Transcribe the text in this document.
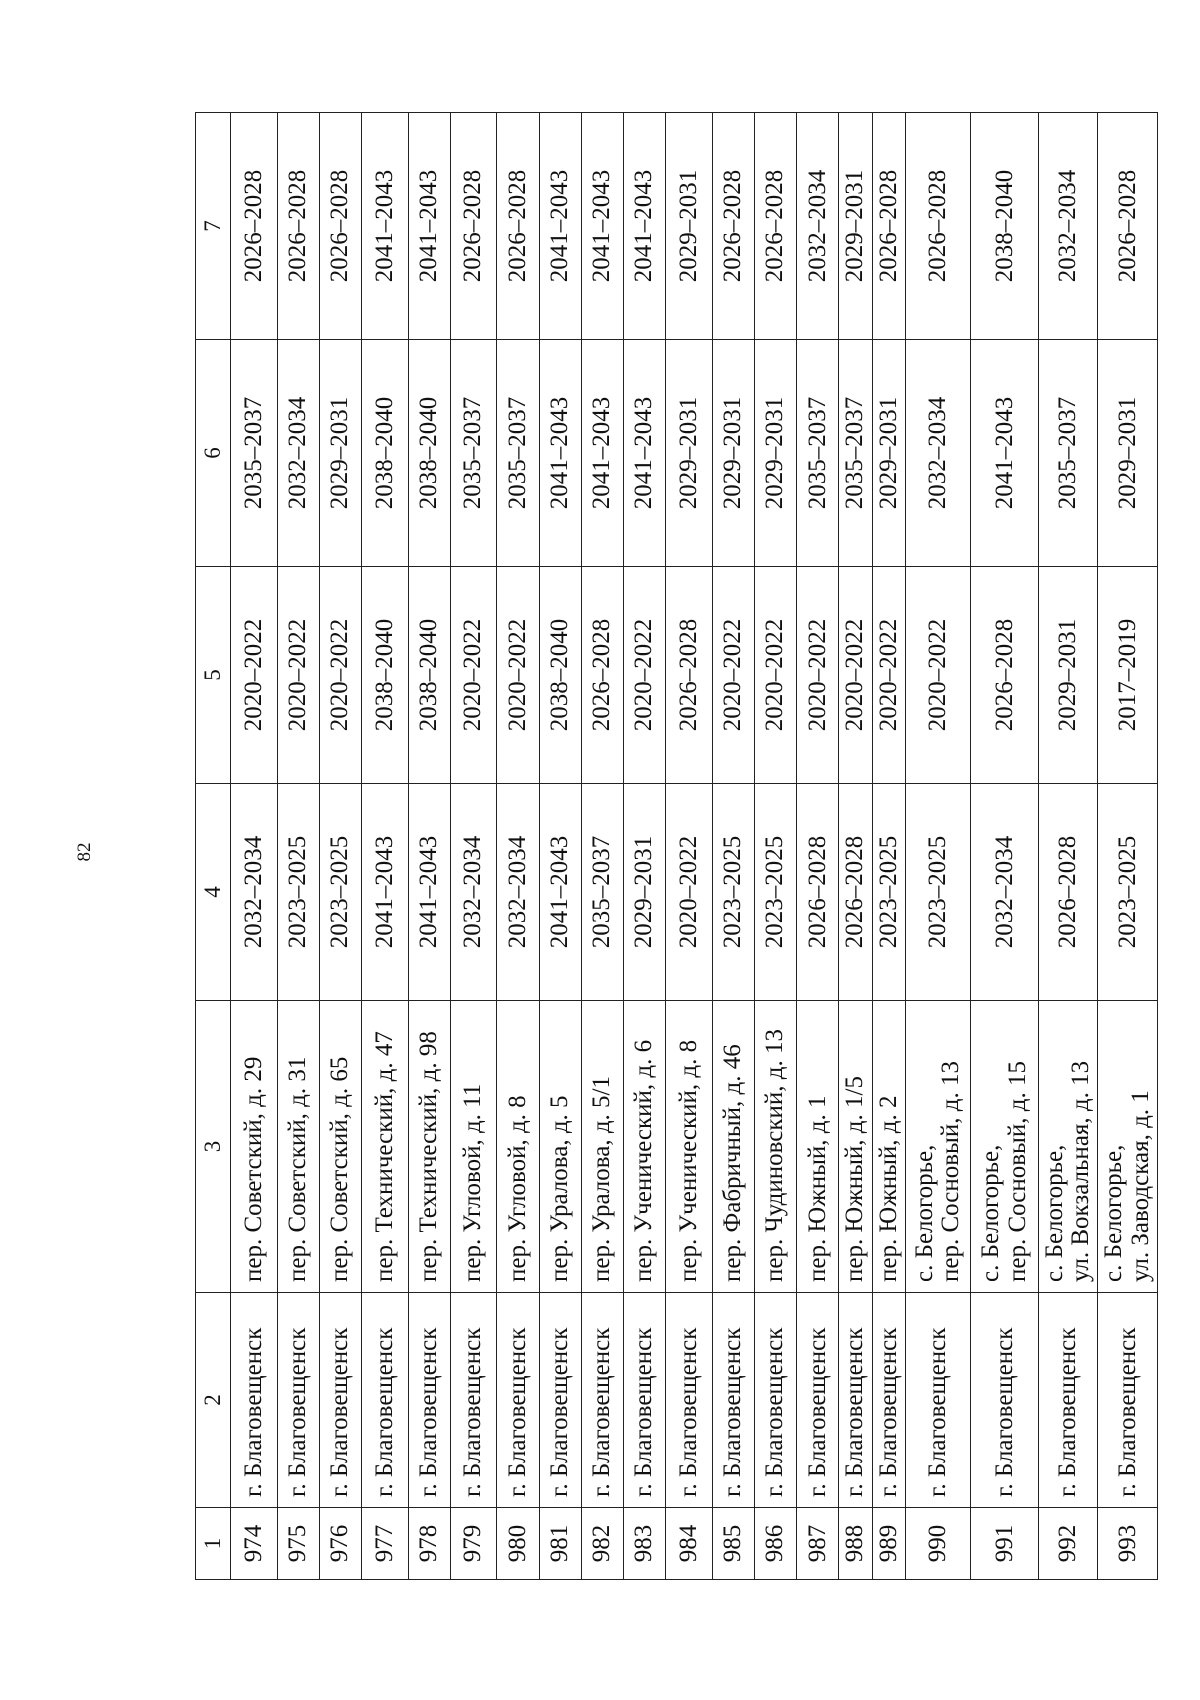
82
1	2	3	4	5	6	7
974	г. Благовещенск	пер. Советский, д. 29	2032–2034	2020–2022	2035–2037	2026–2028
975	г. Благовещенск	пер. Советский, д. 31	2023–2025	2020–2022	2032–2034	2026–2028
976	г. Благовещенск	пер. Советский, д. 65	2023–2025	2020–2022	2029–2031	2026–2028
977	г. Благовещенск	пер. Технический, д. 47	2041–2043	2038–2040	2038–2040	2041–2043
978	г. Благовещенск	пер. Технический, д. 98	2041–2043	2038–2040	2038–2040	2041–2043
979	г. Благовещенск	пер. Угловой, д. 11	2032–2034	2020–2022	2035–2037	2026–2028
980	г. Благовещенск	пер. Угловой, д. 8	2032–2034	2020–2022	2035–2037	2026–2028
981	г. Благовещенск	пер. Уралова, д. 5	2041–2043	2038–2040	2041–2043	2041–2043
982	г. Благовещенск	пер. Уралова, д. 5/1	2035–2037	2026–2028	2041–2043	2041–2043
983	г. Благовещенск	пер. Ученический, д. 6	2029–2031	2020–2022	2041–2043	2041–2043
984	г. Благовещенск	пер. Ученический, д. 8	2020–2022	2026–2028	2029–2031	2029–2031
985	г. Благовещенск	пер. Фабричный, д. 46	2023–2025	2020–2022	2029–2031	2026–2028
986	г. Благовещенск	пер. Чудиновский, д. 13	2023–2025	2020–2022	2029–2031	2026–2028
987	г. Благовещенск	пер. Южный, д. 1	2026–2028	2020–2022	2035–2037	2032–2034
988	г. Благовещенск	пер. Южный, д. 1/5	2026–2028	2020–2022	2035–2037	2029–2031
989	г. Благовещенск	пер. Южный, д. 2	2023–2025	2020–2022	2029–2031	2026–2028
990	г. Благовещенск	с. Белогорье, пер. Сосновый, д. 13	2023–2025	2020–2022	2032–2034	2026–2028
991	г. Благовещенск	с. Белогорье, пер. Сосновый, д. 15	2032–2034	2026–2028	2041–2043	2038–2040
992	г. Благовещенск	с. Белогорье, ул. Вокзальная, д. 13	2026–2028	2029–2031	2035–2037	2032–2034
993	г. Благовещенск	с. Белогорье, ул. Заводская, д. 1	2023–2025	2017–2019	2029–2031	2026–2028
